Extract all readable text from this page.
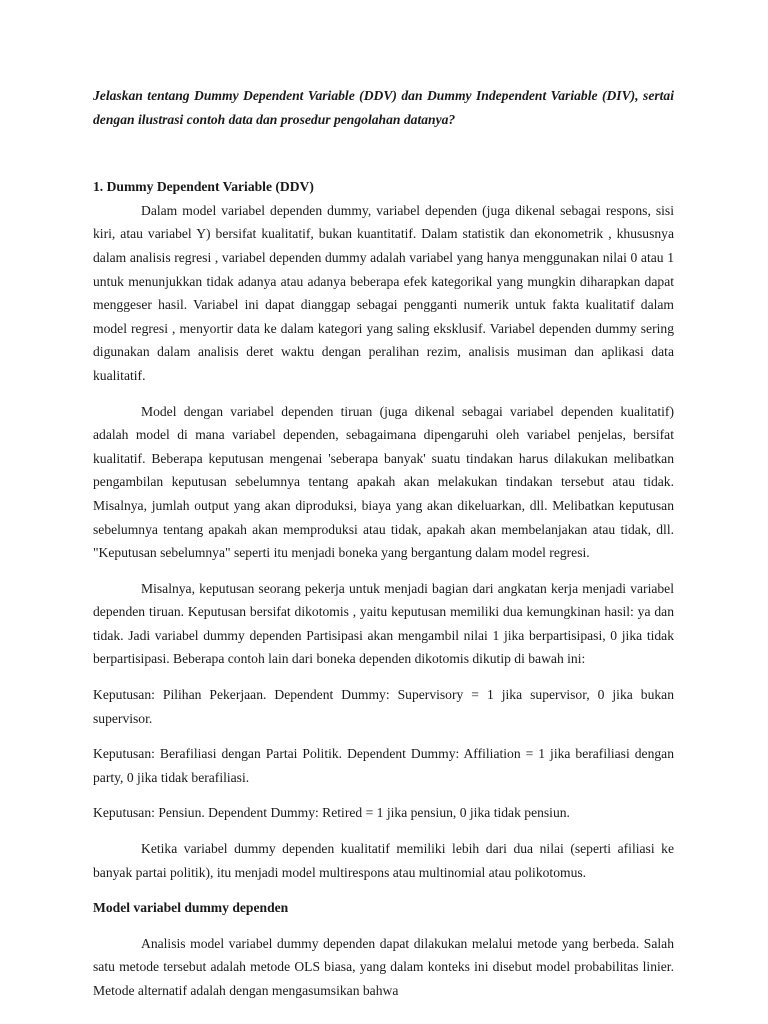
Jelaskan tentang Dummy Dependent Variable (DDV) dan Dummy Independent Variable (DIV), sertai dengan ilustrasi contoh data dan prosedur pengolahan datanya?

1. Dummy Dependent Variable (DDV)

Dalam model variabel dependen dummy, variabel dependen (juga dikenal sebagai respons, sisi kiri, atau variabel Y) bersifat kualitatif, bukan kuantitatif. Dalam statistik dan ekonometrik , khususnya dalam analisis regresi , variabel dependen dummy adalah variabel yang hanya menggunakan nilai 0 atau 1 untuk menunjukkan tidak adanya atau adanya beberapa efek kategorikal yang mungkin diharapkan dapat menggeser hasil. Variabel ini dapat dianggap sebagai pengganti numerik untuk fakta kualitatif dalam model regresi , menyortir data ke dalam kategori yang saling eksklusif. Variabel dependen dummy sering digunakan dalam analisis deret waktu dengan peralihan rezim, analisis musiman dan aplikasi data kualitatif.

Model dengan variabel dependen tiruan (juga dikenal sebagai variabel dependen kualitatif) adalah model di mana variabel dependen, sebagaimana dipengaruhi oleh variabel penjelas, bersifat kualitatif. Beberapa keputusan mengenai 'seberapa banyak' suatu tindakan harus dilakukan melibatkan pengambilan keputusan sebelumnya tentang apakah akan melakukan tindakan tersebut atau tidak. Misalnya, jumlah output yang akan diproduksi, biaya yang akan dikeluarkan, dll. Melibatkan keputusan sebelumnya tentang apakah akan memproduksi atau tidak, apakah akan membelanjakan atau tidak, dll. "Keputusan sebelumnya" seperti itu menjadi boneka yang bergantung dalam model regresi.

Misalnya, keputusan seorang pekerja untuk menjadi bagian dari angkatan kerja menjadi variabel dependen tiruan. Keputusan bersifat dikotomis , yaitu keputusan memiliki dua kemungkinan hasil: ya dan tidak. Jadi variabel dummy dependen Partisipasi akan mengambil nilai 1 jika berpartisipasi, 0 jika tidak berpartisipasi. Beberapa contoh lain dari boneka dependen dikotomis dikutip di bawah ini:

Keputusan: Pilihan Pekerjaan. Dependent Dummy: Supervisory = 1 jika supervisor, 0 jika bukan supervisor.

Keputusan: Berafiliasi dengan Partai Politik. Dependent Dummy: Affiliation = 1 jika berafiliasi dengan party, 0 jika tidak berafiliasi.

Keputusan: Pensiun. Dependent Dummy: Retired = 1 jika pensiun, 0 jika tidak pensiun.

Ketika variabel dummy dependen kualitatif memiliki lebih dari dua nilai (seperti afiliasi ke banyak partai politik), itu menjadi model multirespons atau multinomial atau polikotomus.

Model variabel dummy dependen

Analisis model variabel dummy dependen dapat dilakukan melalui metode yang berbeda. Salah satu metode tersebut adalah metode OLS biasa, yang dalam konteks ini disebut model probabilitas linier. Metode alternatif adalah dengan mengasumsikan bahwa
